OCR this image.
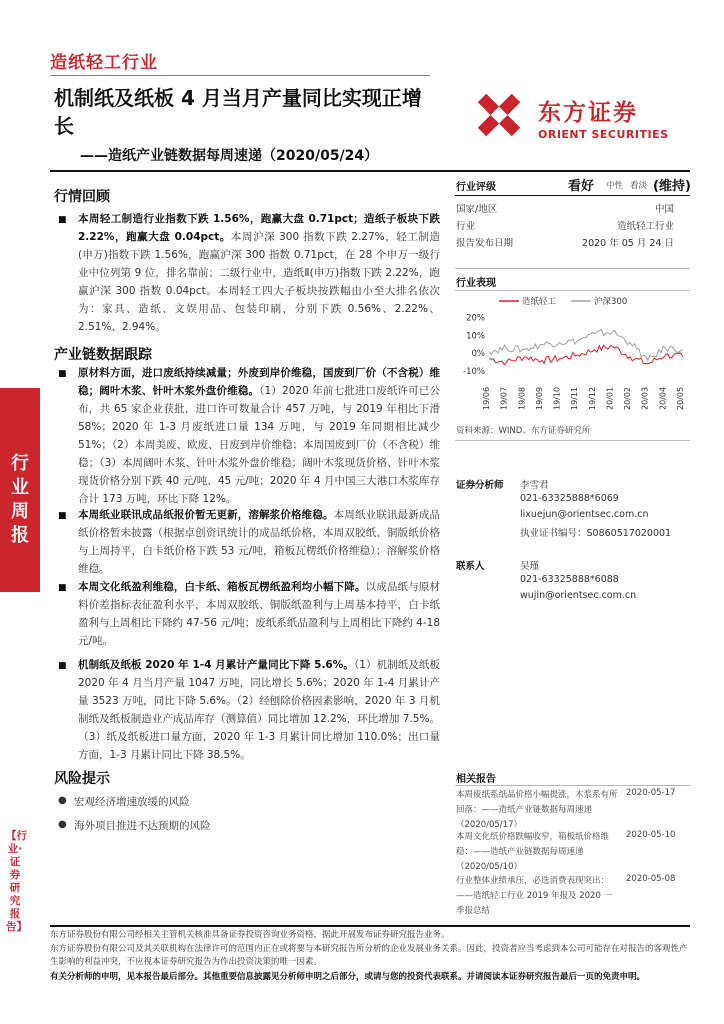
造纸轻工行业
机制纸及纸板 4 月当月产量同比实现正增长
——造纸产业链数据每周速递（2020/05/24）
东方证券
ORIENT SECURITIES
行业周报
【行业·证券研究报告】
行情回顾
■ 本周轻工制造行业指数下跌 1.56%，跑赢大盘 0.71pct；造纸子板块下跌 2.22%，跑赢大盘 0.04pct。本周沪深 300 指数下跌 2.27%，轻工制造(申万)指数下跌 1.56%，跑赢沪深 300 指数 0.71pct，在 28 个申万一级行业中位列第 9 位，排名靠前；二级行业中，造纸Ⅱ(申万)指数下跌 2.22%，跑赢沪深 300 指数 0.04pct。本周轻工四大子板块按跌幅由小至大排名依次为：家具、造纸、文娱用品、包装印刷，分别下跌 0.56%、2.22%、2.51%、2.94%。
产业链数据跟踪
■ 原材料方面，进口废纸持续减量；外废到岸价维稳，国废到厂价（不含税）维稳；阔叶木浆、针叶木浆外盘价维稳。（1）2020 年前七批进口废纸许可已公布，共 65 家企业获批，进口许可数量合计 457 万吨，与 2019 年相比下滑 58%；2020 年 1-3 月废纸进口量 134 万吨，与 2019 年同期相比减少 51%；（2）本周美废、欧废、日废到岸价维稳；本周国废到厂价（不含税）维稳；（3）本周阔叶木浆、针叶木浆外盘价维稳；阔叶木浆现货价格、针叶木浆现货价格分别下跌 40 元/吨、45 元/吨；2020 年 4 月中国三大港口木浆库存合计 173 万吨，环比下降 12%。
■ 本周纸业联讯成品纸报价暂无更新，溶解浆价格维稳。本周纸业联讯最新成品纸价格暂未披露（根据卓创资讯统计的成品纸价格，本周双胶纸、铜版纸价格与上周持平，白卡纸价格下跌 53 元/吨，箱板瓦楞纸价格维稳）；溶解浆价格维稳。
■ 本周文化纸盈利维稳，白卡纸、箱板瓦楞纸盈利均小幅下降。以成品纸与原材料价差指标表征盈利水平，本周双胶纸、铜版纸盈利与上周基本持平，白卡纸盈利与上周相比下降约 47-56 元/吨；废纸系纸品盈利与上周相比下降约 4-18 元/吨。
■ 机制纸及纸板 2020 年 1-4 月累计产量同比下降 5.6%。（1）机制纸及纸板 2020 年 4 月当月产量 1047 万吨，同比增长 5.6%；2020 年 1-4 月累计产量 3523 万吨，同比下降 5.6%。（2）经刨除价格因素影响，2020 年 3 月机制纸及纸板制造业产成品库存（测算值）同比增加 12.2%，环比增加 7.5%。（3）纸及纸板进口量方面，2020 年 1-3 月累计同比增加 110.0%；出口量方面，1-3 月累计同比下降 38.5%。
风险提示
● 宏观经济增速放缓的风险
● 海外项目推进不达预期的风险
行业评级	看好 中性 看淡 (维持)
国家/地区	中国
行业	造纸轻工行业
报告发布日期	2020 年 05 月 24 日
行业表现
造纸轻工	沪深300
20%
10%
0%
-10%
19/06 19/07 19/08 19/09 19/10 19/11 19/12 20/01 20/02 20/03 20/04 20/05
资料来源：WIND、东方证券研究所
证券分析师 李雪君
021-63325888*6069
lixuejun@orientsec.com.cn
执业证书编号：S0860517020001
联系人	吴瑾
021-63325888*6088
wujin@orientsec.com.cn
相关报告
本周废纸系纸品价格小幅提涨，木浆系有所回落：——造纸产业链数据每周速递（2020/05/17）
2020-05-17
本周文化纸价格跌幅收窄，箱板纸价格维稳：——造纸产业链数据每周速递（2020/05/10）
2020-05-10
行业整体业绩承压，必选消费表现突出：——造纸轻工行业 2019 年报及 2020 一季报总结
2020-05-08
东方证券股份有限公司经相关主管机关核准具备证券投资咨询业务资格，据此开展发布证券研究报告业务。
东方证券股份有限公司及其关联机构在法律许可的范围内正在或将要与本研究报告所分析的企业发展业务关系。因此，投资者应当考虑到本公司可能存在对报告的客观性产生影响的利益冲突，不应视本证券研究报告为作出投资决策的唯一因素。
有关分析师的申明，见本报告最后部分。其他重要信息披露见分析师申明之后部分，或请与您的投资代表联系。并请阅读本证券研究报告最后一页的免责申明。
